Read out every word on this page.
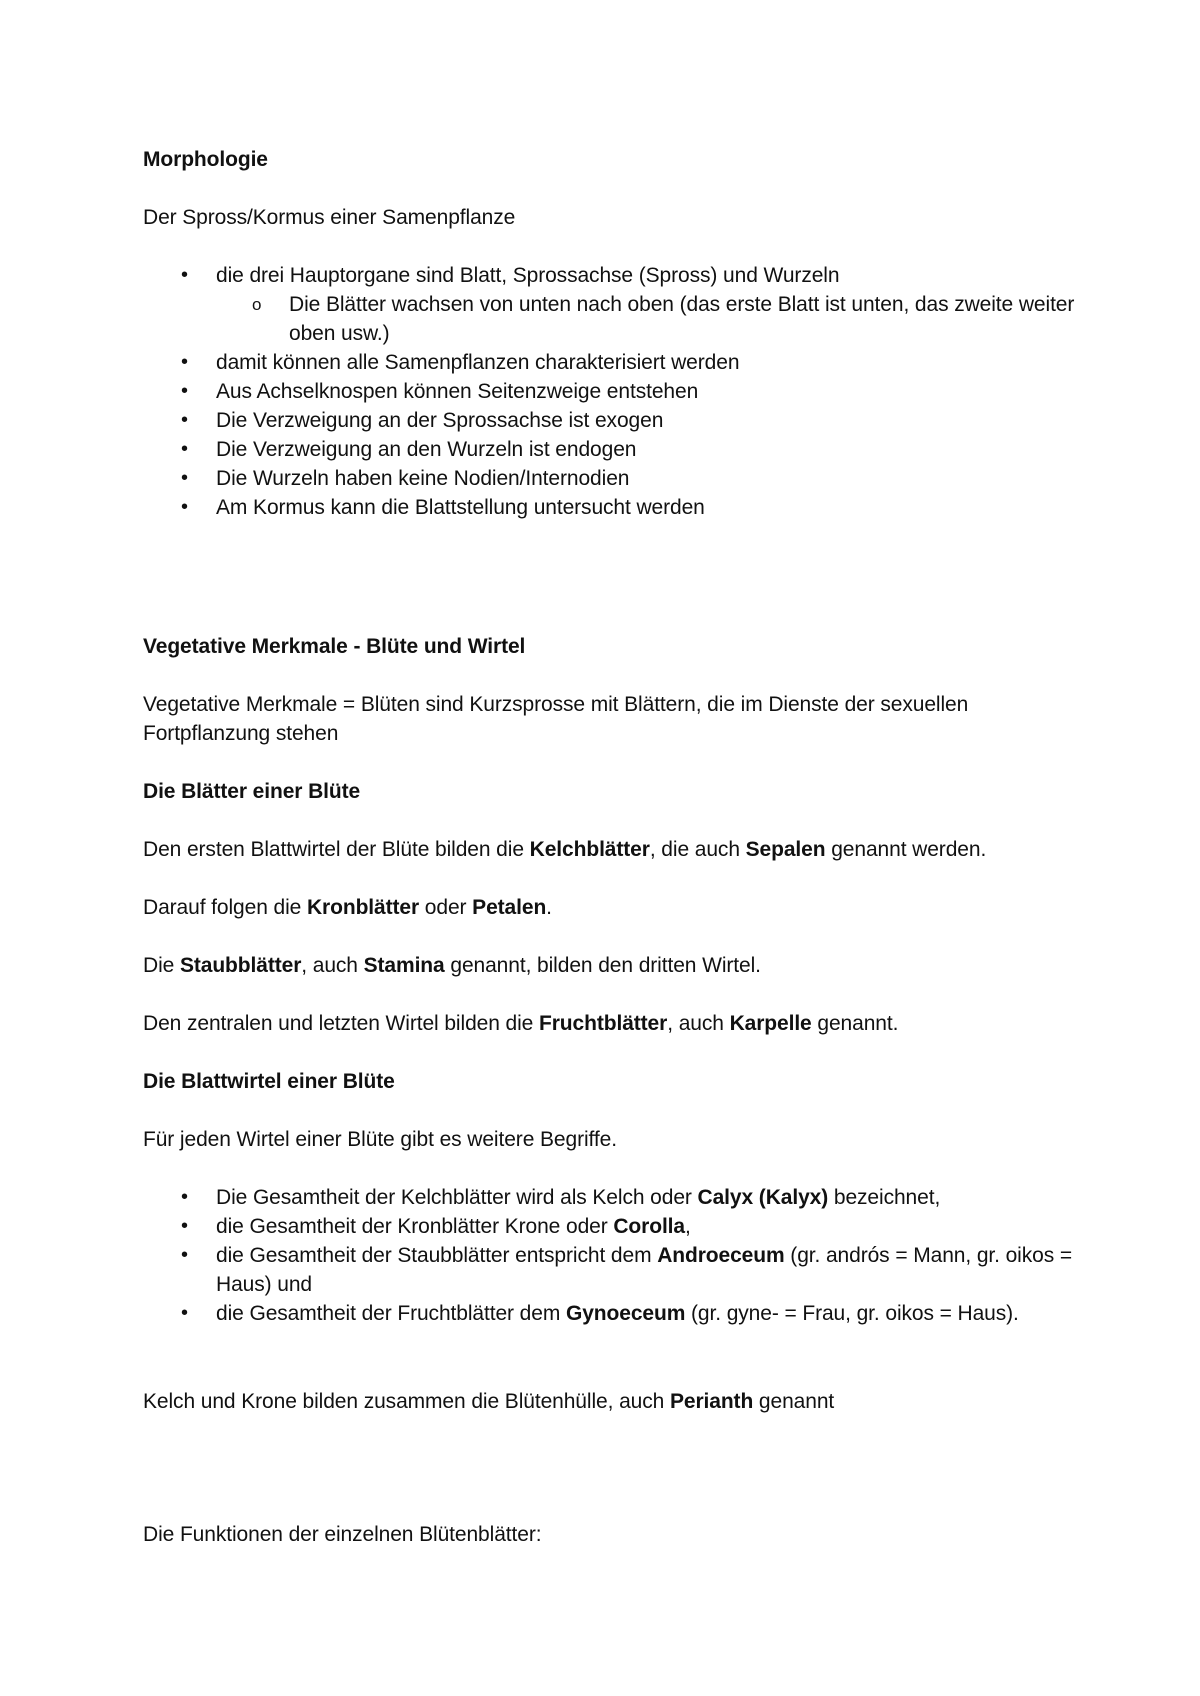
Morphologie
Der Spross/Kormus einer Samenpflanze
• die drei Hauptorgane sind Blatt, Sprossachse (Spross) und Wurzeln
o Die Blätter wachsen von unten nach oben (das erste Blatt ist unten, das zweite weiter oben usw.)
• damit können alle Samenpflanzen charakterisiert werden
• Aus Achselknospen können Seitenzweige entstehen
• Die Verzweigung an der Sprossachse ist exogen
• Die Verzweigung an den Wurzeln ist endogen
• Die Wurzeln haben keine Nodien/Internodien
• Am Kormus kann die Blattstellung untersucht werden
Vegetative Merkmale - Blüte und Wirtel
Vegetative Merkmale = Blüten sind Kurzsprosse mit Blättern, die im Dienste der sexuellen Fortpflanzung stehen
Die Blätter einer Blüte
Den ersten Blattwirtel der Blüte bilden die Kelchblätter, die auch Sepalen genannt werden.
Darauf folgen die Kronblätter oder Petalen.
Die Staubblätter, auch Stamina genannt, bilden den dritten Wirtel.
Den zentralen und letzten Wirtel bilden die Fruchtblätter, auch Karpelle genannt.
Die Blattwirtel einer Blüte
Für jeden Wirtel einer Blüte gibt es weitere Begriffe.
• Die Gesamtheit der Kelchblätter wird als Kelch oder Calyx (Kalyx) bezeichnet,
• die Gesamtheit der Kronblätter Krone oder Corolla,
• die Gesamtheit der Staubblätter entspricht dem Androeceum (gr. andrós = Mann, gr. oikos = Haus) und
• die Gesamtheit der Fruchtblätter dem Gynoeceum (gr. gyne- = Frau, gr. oikos = Haus).
Kelch und Krone bilden zusammen die Blütenhülle, auch Perianth genannt
Die Funktionen der einzelnen Blütenblätter:
